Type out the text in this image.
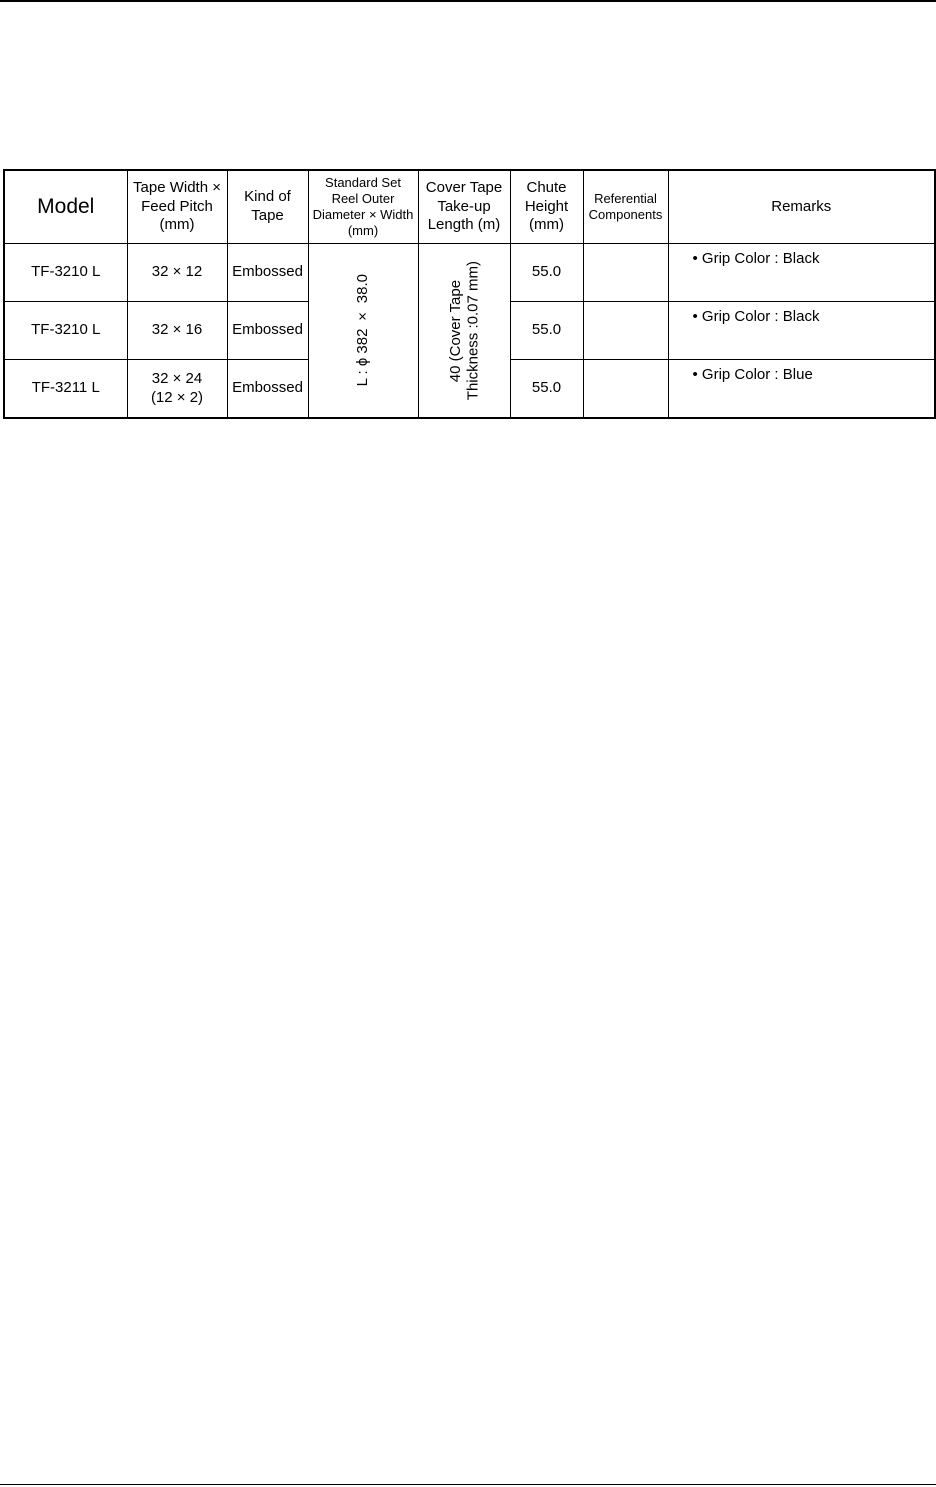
Model	Tape Width ×
Feed Pitch
(mm)	Kind of
Tape	Standard Set
Reel Outer
Diameter × Width
(mm)	Cover Tape
Take-up
Length (m)	Chute
Height
(mm)	Referential
Components	Remarks
TF-3210 L	32 × 12	Embossed	L : ϕ 382 × 38.0	40 (Cover Tape Thickness :0.07 mm)	55.0		• Grip Color : Black
TF-3210 L	32 × 16	Embossed			55.0		• Grip Color : Black
TF-3211 L	32 × 24
(12 × 2)	Embossed			55.0		• Grip Color : Blue
